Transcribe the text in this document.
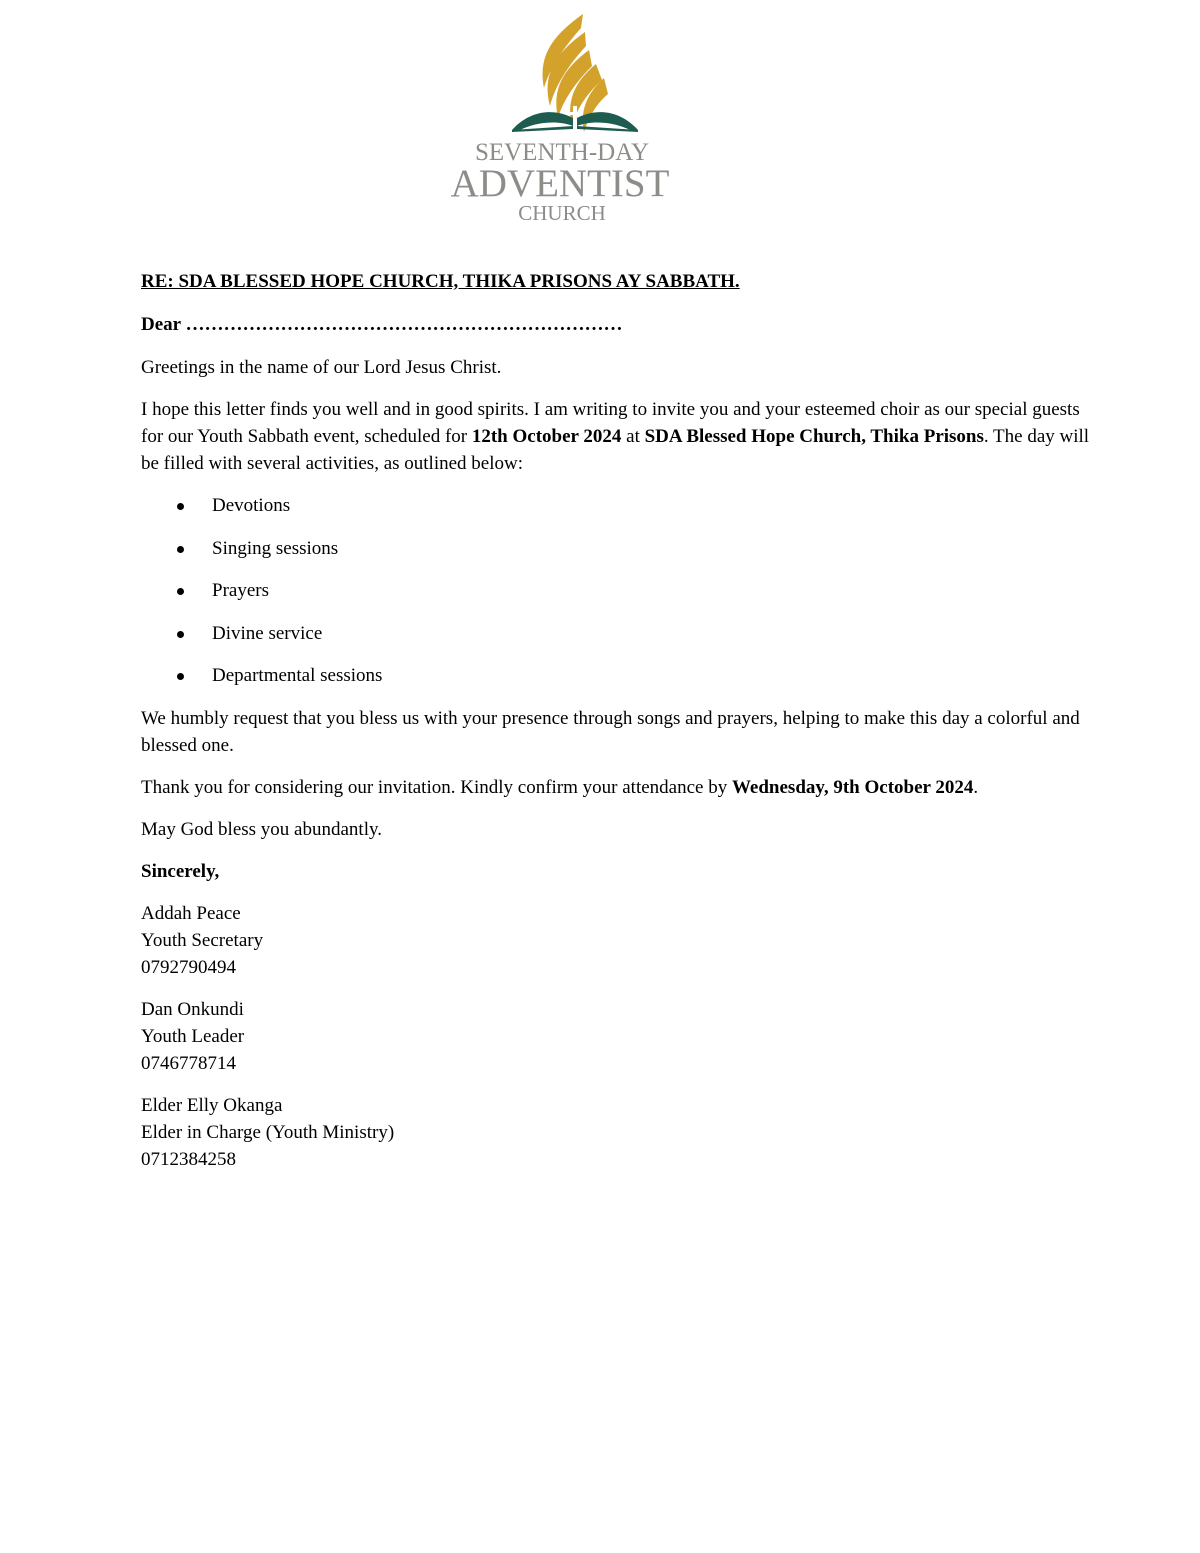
SEVENTH-DAY
ADVENTIST
CHURCH

RE: SDA BLESSED HOPE CHURCH, THIKA PRISONS AY SABBATH.

Dear ……………………………………………………………

Greetings in the name of our Lord Jesus Christ.

I hope this letter finds you well and in good spirits. I am writing to invite you and your esteemed choir as our special guests for our Youth Sabbath event, scheduled for 12th October 2024 at SDA Blessed Hope Church, Thika Prisons. The day will be filled with several activities, as outlined below:

Devotions
Singing sessions
Prayers
Divine service
Departmental sessions

We humbly request that you bless us with your presence through songs and prayers, helping to make this day a colorful and blessed one.

Thank you for considering our invitation. Kindly confirm your attendance by Wednesday, 9th October 2024.

May God bless you abundantly.

Sincerely,

Addah Peace
Youth Secretary
0792790494
Dan Onkundi
Youth Leader
0746778714
Elder Elly Okanga
Elder in Charge (Youth Ministry)
0712384258
